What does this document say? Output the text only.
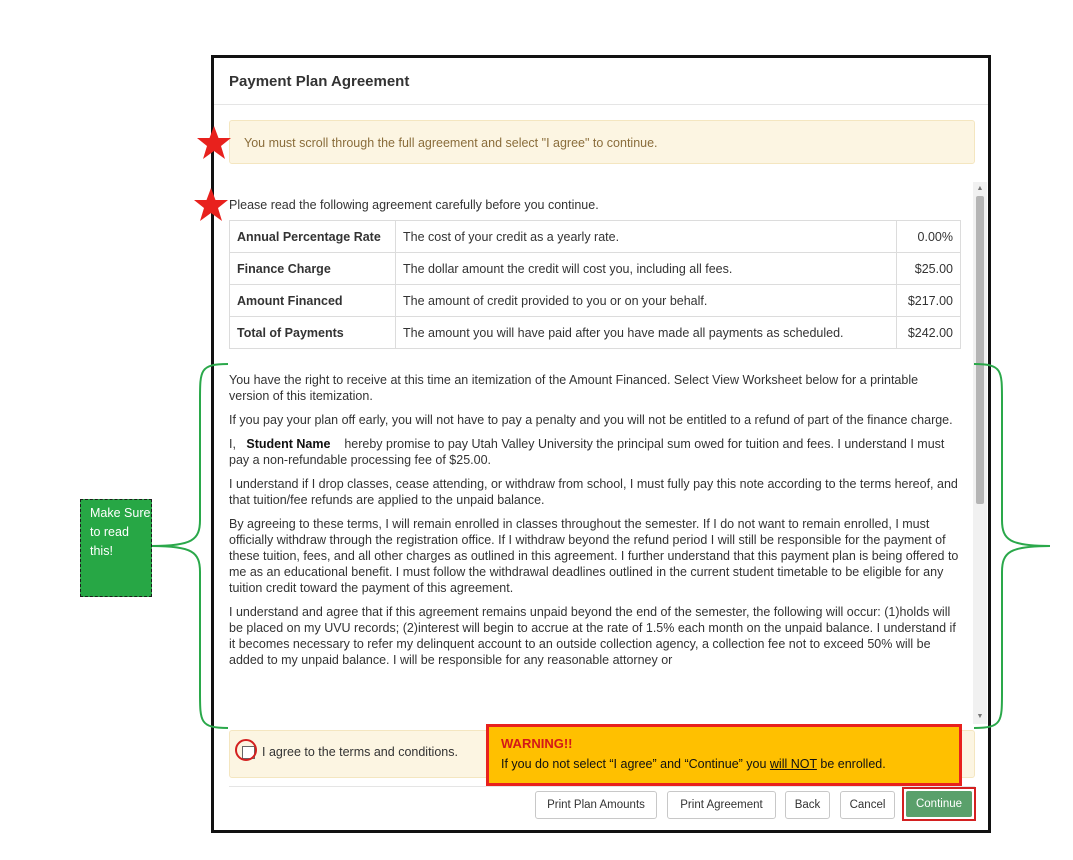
Payment Plan Agreement
You must scroll through the full agreement and select "I agree" to continue.
Please read the following agreement carefully before you continue.
Annual Percentage Rate	The cost of your credit as a yearly rate.	0.00%
Finance Charge	The dollar amount the credit will cost you, including all fees.	$25.00
Amount Financed	The amount of credit provided to you or on your behalf.	$217.00
Total of Payments	The amount you will have paid after you have made all payments as scheduled.	$242.00

You have the right to receive at this time an itemization of the Amount Financed. Select View Worksheet below for a printable version of this itemization.

If you pay your plan off early, you will not have to pay a penalty and you will not be entitled to a refund of part of the finance charge.

I, Student Name hereby promise to pay Utah Valley University the principal sum owed for tuition and fees. I understand I must pay a non-refundable processing fee of $25.00.

I understand if I drop classes, cease attending, or withdraw from school, I must fully pay this note according to the terms hereof, and that tuition/fee refunds are applied to the unpaid balance.

By agreeing to these terms, I will remain enrolled in classes throughout the semester. If I do not want to remain enrolled, I must officially withdraw through the registration office. If I withdraw beyond the refund period I will still be responsible for the payment of these tuition, fees, and all other charges as outlined in this agreement. I further understand that this payment plan is being offered to me as an educational benefit. I must follow the withdrawal deadlines outlined in the current student timetable to be eligible for any tuition credit toward the payment of this agreement.

I understand and agree that if this agreement remains unpaid beyond the end of the semester, the following will occur: (1)holds will be placed on my UVU records; (2)interest will begin to accrue at the rate of 1.5% each month on the unpaid balance. I understand if it becomes necessary to refer my delinquent account to an outside collection agency, a collection fee not to exceed 50% will be added to my unpaid balance. I will be responsible for any reasonable attorney or

▲
▼
Make Sure to read this!
I agree to the terms and conditions.
WARNING!!
If you do not select “I agree” and “Continue” you will NOT be enrolled.
Print Plan Amounts	Print Agreement	Back	Cancel	Continue
